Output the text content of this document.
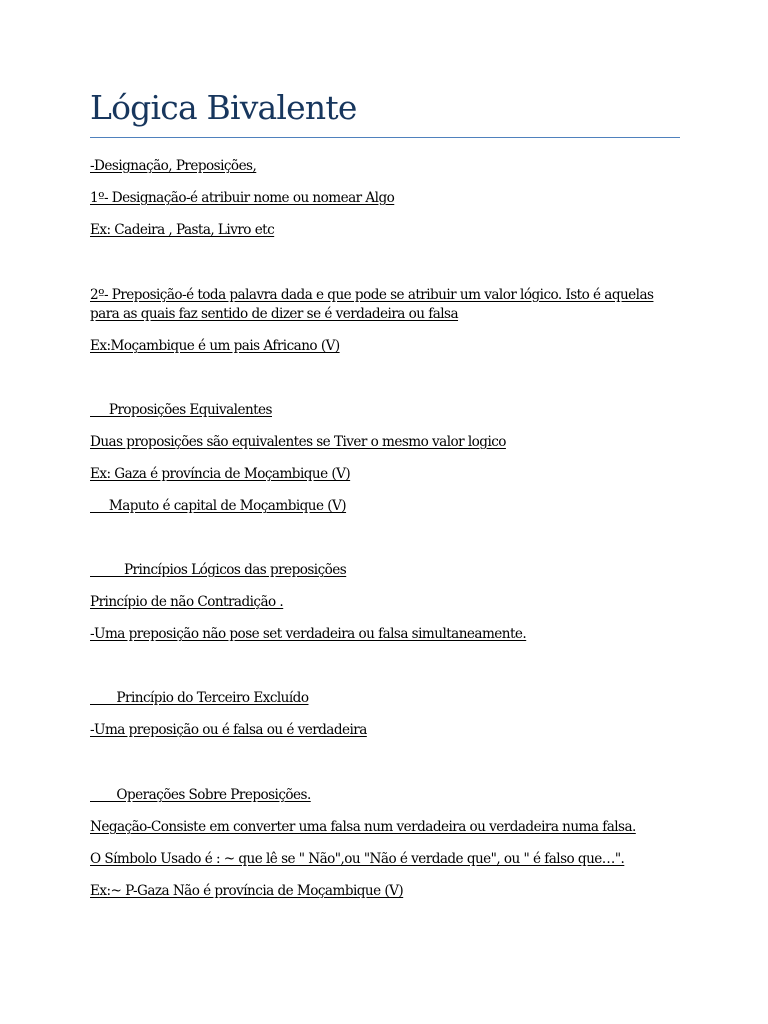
Lógica Bivalente

-Designação, Preposições,

1º- Designação-é atribuir nome ou nomear Algo

Ex: Cadeira , Pasta, Livro etc

2º- Preposição-é toda palavra dada e que pode se atribuir um valor lógico. Isto é aquelas

para as quais faz sentido de dizer se é verdadeira ou falsa

Ex:Moçambique é um pais Africano (V)

Proposições Equivalentes

Duas proposições são equivalentes se Tiver o mesmo valor logico

Ex: Gaza é província de Moçambique (V)

Maputo é capital de Moçambique (V)

Princípios Lógicos das preposições

Princípio de não Contradição .

-Uma preposição não pose set verdadeira ou falsa simultaneamente.

Princípio do Terceiro Excluído

-Uma preposição ou é falsa ou é verdadeira

Operações Sobre Preposições.

Negação-Consiste em converter uma falsa num verdadeira ou verdadeira numa falsa.

O Símbolo Usado é : ~ que lê se " Não",ou "Não é verdade que", ou " é falso que…".

Ex:~ P-Gaza Não é província de Moçambique (V)
